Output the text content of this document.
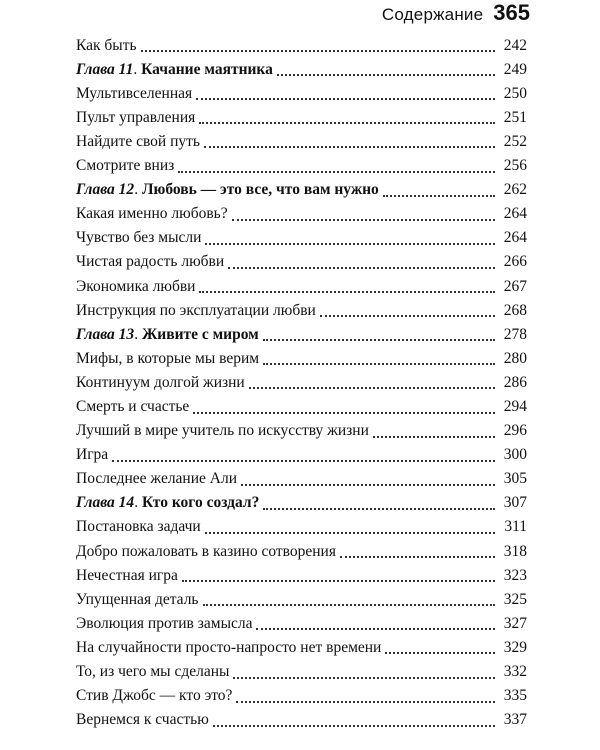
Содержание 365
Как быть	242
Глава 11. Качание маятника	249
Мультивселенная	250
Пульт управления	251
Найдите свой путь	252
Смотрите вниз	256
Глава 12. Любовь — это все, что вам нужно	262
Какая именно любовь?	264
Чувство без мысли	264
Чистая радость любви	266
Экономика любви	267
Инструкция по эксплуатации любви	268
Глава 13. Живите с миром	278
Мифы, в которые мы верим	280
Континуум долгой жизни	286
Смерть и счастье	294
Лучший в мире учитель по искусству жизни	296
Игра	300
Последнее желание Али	305
Глава 14. Кто кого создал?	307
Постановка задачи	311
Добро пожаловать в казино сотворения	318
Нечестная игра	323
Упущенная деталь	325
Эволюция против замысла	327
На случайности просто-напросто нет времени	329
То, из чего мы сделаны	332
Стив Джобс — кто это?	335
Вернемся к счастью	337
